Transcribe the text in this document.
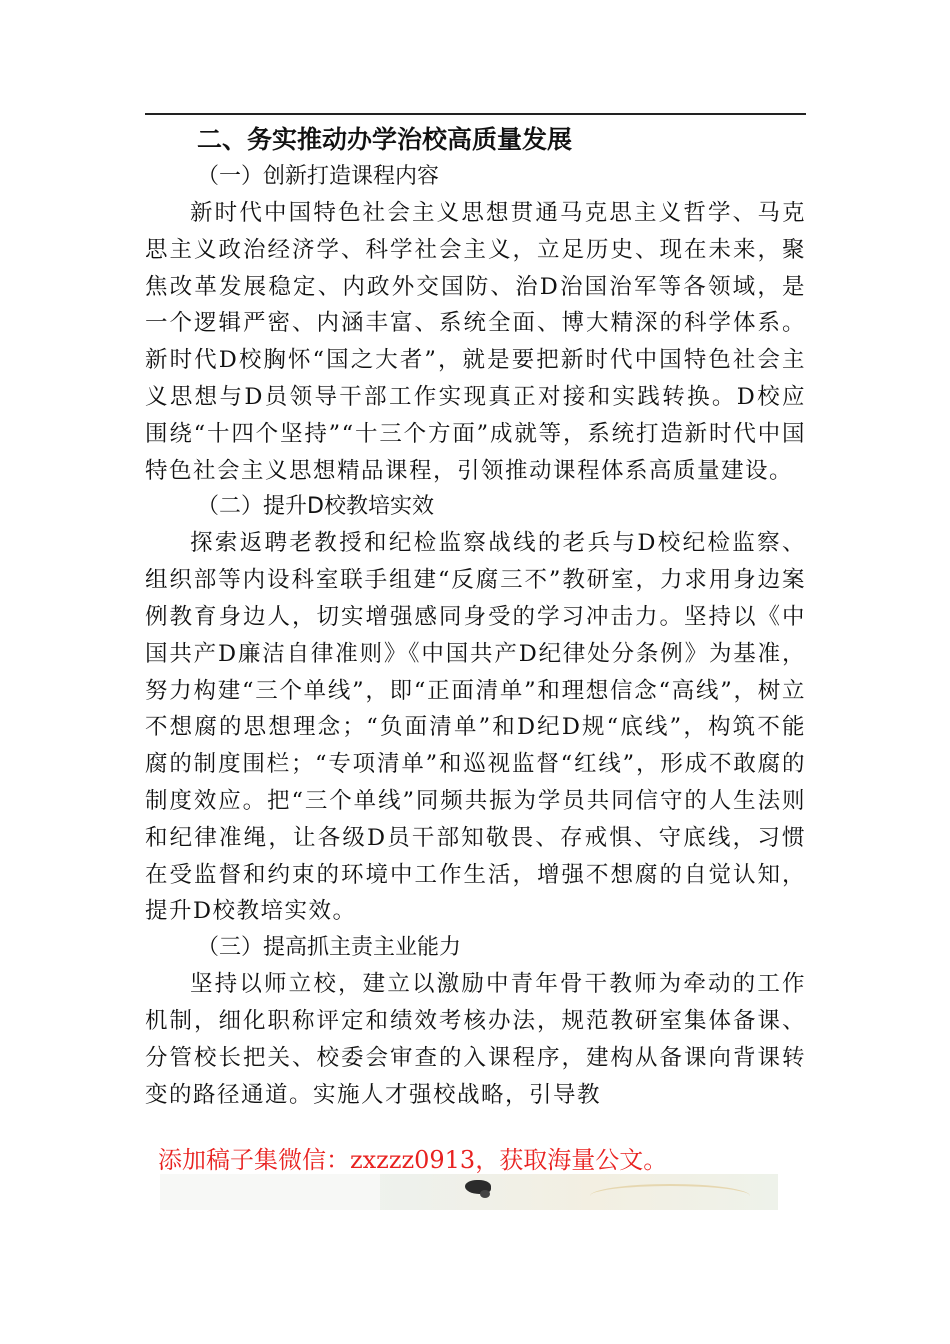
二、务实推动办学治校高质量发展
（一）创新打造课程内容

新时代中国特色社会主义思想贯通马克思主义哲学、马克思主义政治经济学、科学社会主义，立足历史、现在未来，聚焦改革发展稳定、内政外交国防、治D治国治军等各领域，是一个逻辑严密、内涵丰富、系统全面、博大精深的科学体系。新时代D校胸怀“国之大者”，就是要把新时代中国特色社会主义思想与D员领导干部工作实现真正对接和实践转换。D校应围绕“十四个坚持”“十三个方面”成就等，系统打造新时代中国特色社会主义思想精品课程，引领推动课程体系高质量建设。

（二）提升D校教培实效

探索返聘老教授和纪检监察战线的老兵与D校纪检监察、组织部等内设科室联手组建“反腐三不”教研室，力求用身边案例教育身边人，切实增强感同身受的学习冲击力。坚持以《中国共产D廉洁自律准则》《中国共产D纪律处分条例》为基准，努力构建“三个单线”，即“正面清单”和理想信念“高线”，树立不想腐的思想理念；“负面清单”和D纪D规“底线”，构筑不能腐的制度围栏；“专项清单”和巡视监督“红线”，形成不敢腐的制度效应。把“三个单线”同频共振为学员共同信守的人生法则和纪律准绳，让各级D员干部知敬畏、存戒惧、守底线，习惯在受监督和约束的环境中工作生活，增强不想腐的自觉认知，提升D校教培实效。

（三）提高抓主责主业能力

坚持以师立校，建立以激励中青年骨干教师为牵动的工作机制，细化职称评定和绩效考核办法，规范教研室集体备课、分管校长把关、校委会审查的入课程序，建构从备课向背课转变的路径通道。实施人才强校战略，引导教

添加稿子集微信：zxzzz0913，获取海量公文。
